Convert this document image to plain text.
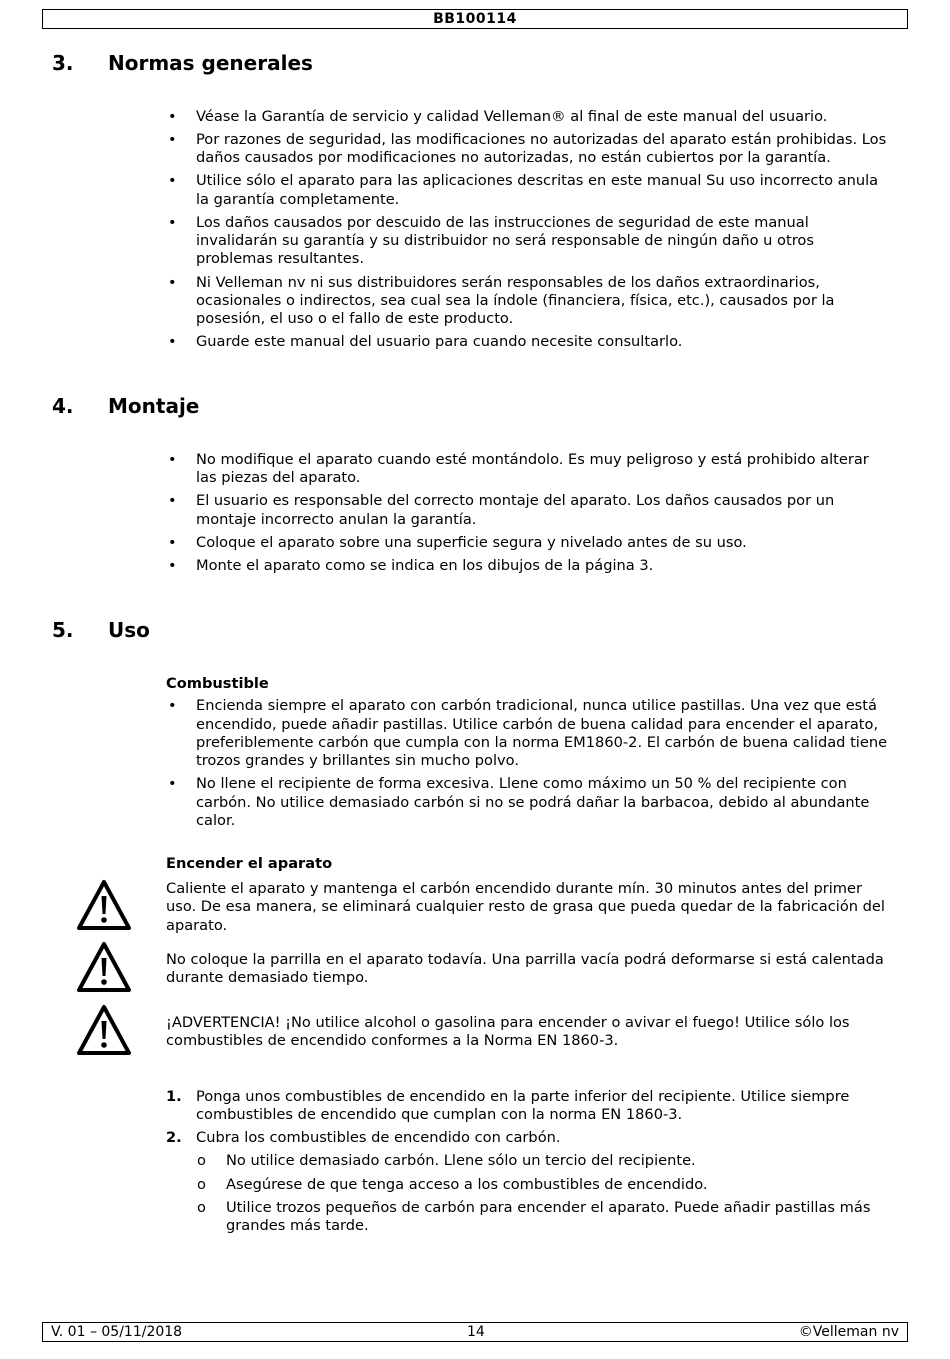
BB100114
3. Normas generales
• Véase la Garantía de servicio y calidad Velleman® al final de este manual del usuario.
• Por razones de seguridad, las modificaciones no autorizadas del aparato están prohibidas. Los daños causados por modificaciones no autorizadas, no están cubiertos por la garantía.
• Utilice sólo el aparato para las aplicaciones descritas en este manual Su uso incorrecto anula la garantía completamente.
• Los daños causados por descuido de las instrucciones de seguridad de este manual invalidarán su garantía y su distribuidor no será responsable de ningún daño u otros problemas resultantes.
• Ni Velleman nv ni sus distribuidores serán responsables de los daños extraordinarios, ocasionales o indirectos, sea cual sea la índole (financiera, física, etc.), causados por la posesión, el uso o el fallo de este producto.
• Guarde este manual del usuario para cuando necesite consultarlo.
4. Montaje
• No modifique el aparato cuando esté montándolo. Es muy peligroso y está prohibido alterar las piezas del aparato.
• El usuario es responsable del correcto montaje del aparato. Los daños causados por un montaje incorrecto anulan la garantía.
• Coloque el aparato sobre una superficie segura y nivelado antes de su uso.
• Monte el aparato como se indica en los dibujos de la página 3.
5. Uso

Combustible

• Encienda siempre el aparato con carbón tradicional, nunca utilice pastillas. Una vez que está encendido, puede añadir pastillas. Utilice carbón de buena calidad para encender el aparato, preferiblemente carbón que cumpla con la norma EM1860-2. El carbón de buena calidad tiene trozos grandes y brillantes sin mucho polvo.
• No llene el recipiente de forma excesiva. Llene como máximo un 50 % del recipiente con carbón. No utilice demasiado carbón si no se podrá dañar la barbacoa, debido al abundante calor.

Encender el aparato

Caliente el aparato y mantenga el carbón encendido durante mín. 30 minutos antes del primer uso. De esa manera, se eliminará cualquier resto de grasa que pueda quedar de la fabricación del aparato.

No coloque la parrilla en el aparato todavía. Una parrilla vacía podrá deformarse si está calentada durante demasiado tiempo.

¡ADVERTENCIA! ¡No utilice alcohol o gasolina para encender o avivar el fuego! Utilice sólo los combustibles de encendido conformes a la Norma EN 1860-3.

1. Ponga unos combustibles de encendido en la parte inferior del recipiente. Utilice siempre combustibles de encendido que cumplan con la norma EN 1860-3.
2. Cubra los combustibles de encendido con carbón.
o No utilice demasiado carbón. Llene sólo un tercio del recipiente.
o Asegúrese de que tenga acceso a los combustibles de encendido.
o Utilice trozos pequeños de carbón para encender el aparato. Puede añadir pastillas más grandes más tarde.
V. 01 – 05/11/2018	14	©Velleman nv
